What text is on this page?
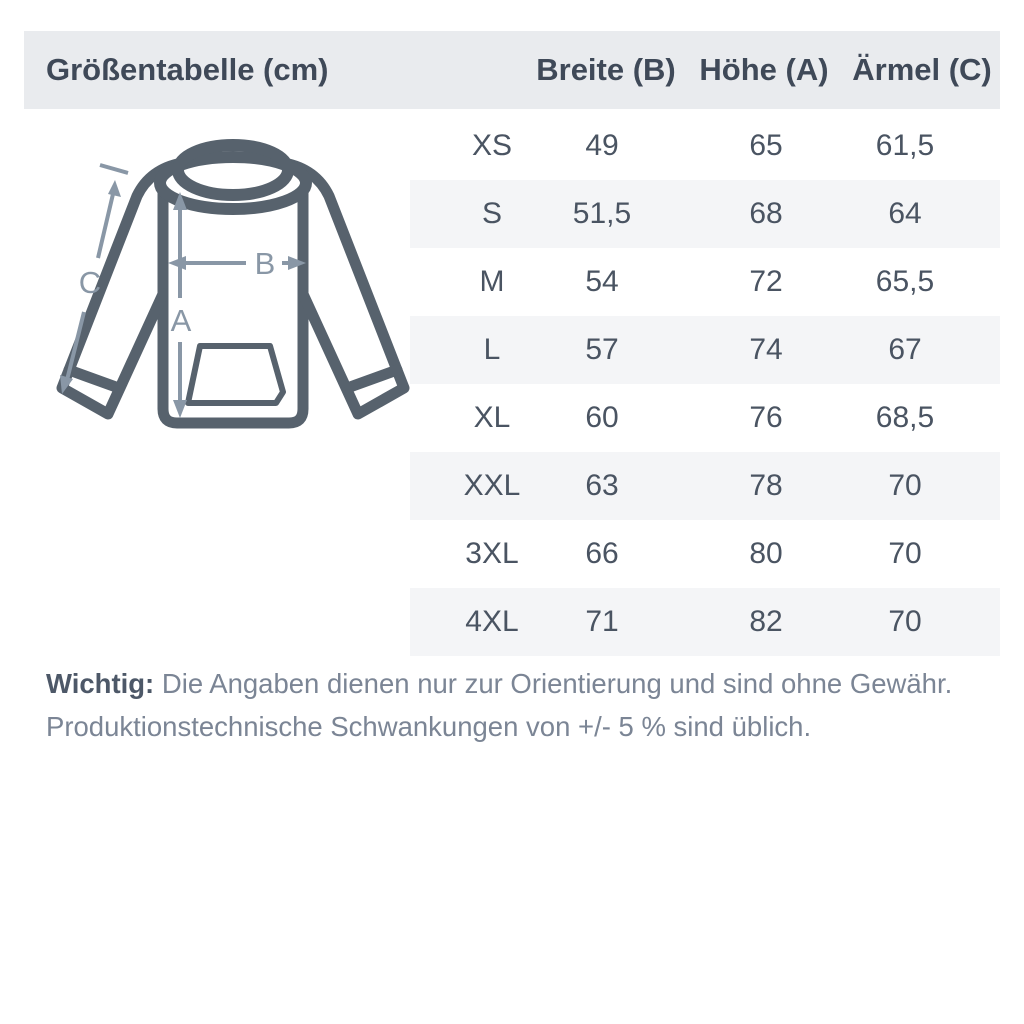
Größentabelle (cm)	Breite (B) Höhe (A) Ärmel (C)
A
B
C
XS 49	65	61,5
S 51,5	68	64
M	54	72	65,5
L	57	74	67
XL 60	76	68,5
XXL 63	78	70
3XL 66	80	70
4XL 71	82	70

Wichtig: Die Angaben dienen nur zur Orientierung und sind ohne Gewähr.
Produktionstechnische Schwankungen von +/- 5 % sind üblich.
